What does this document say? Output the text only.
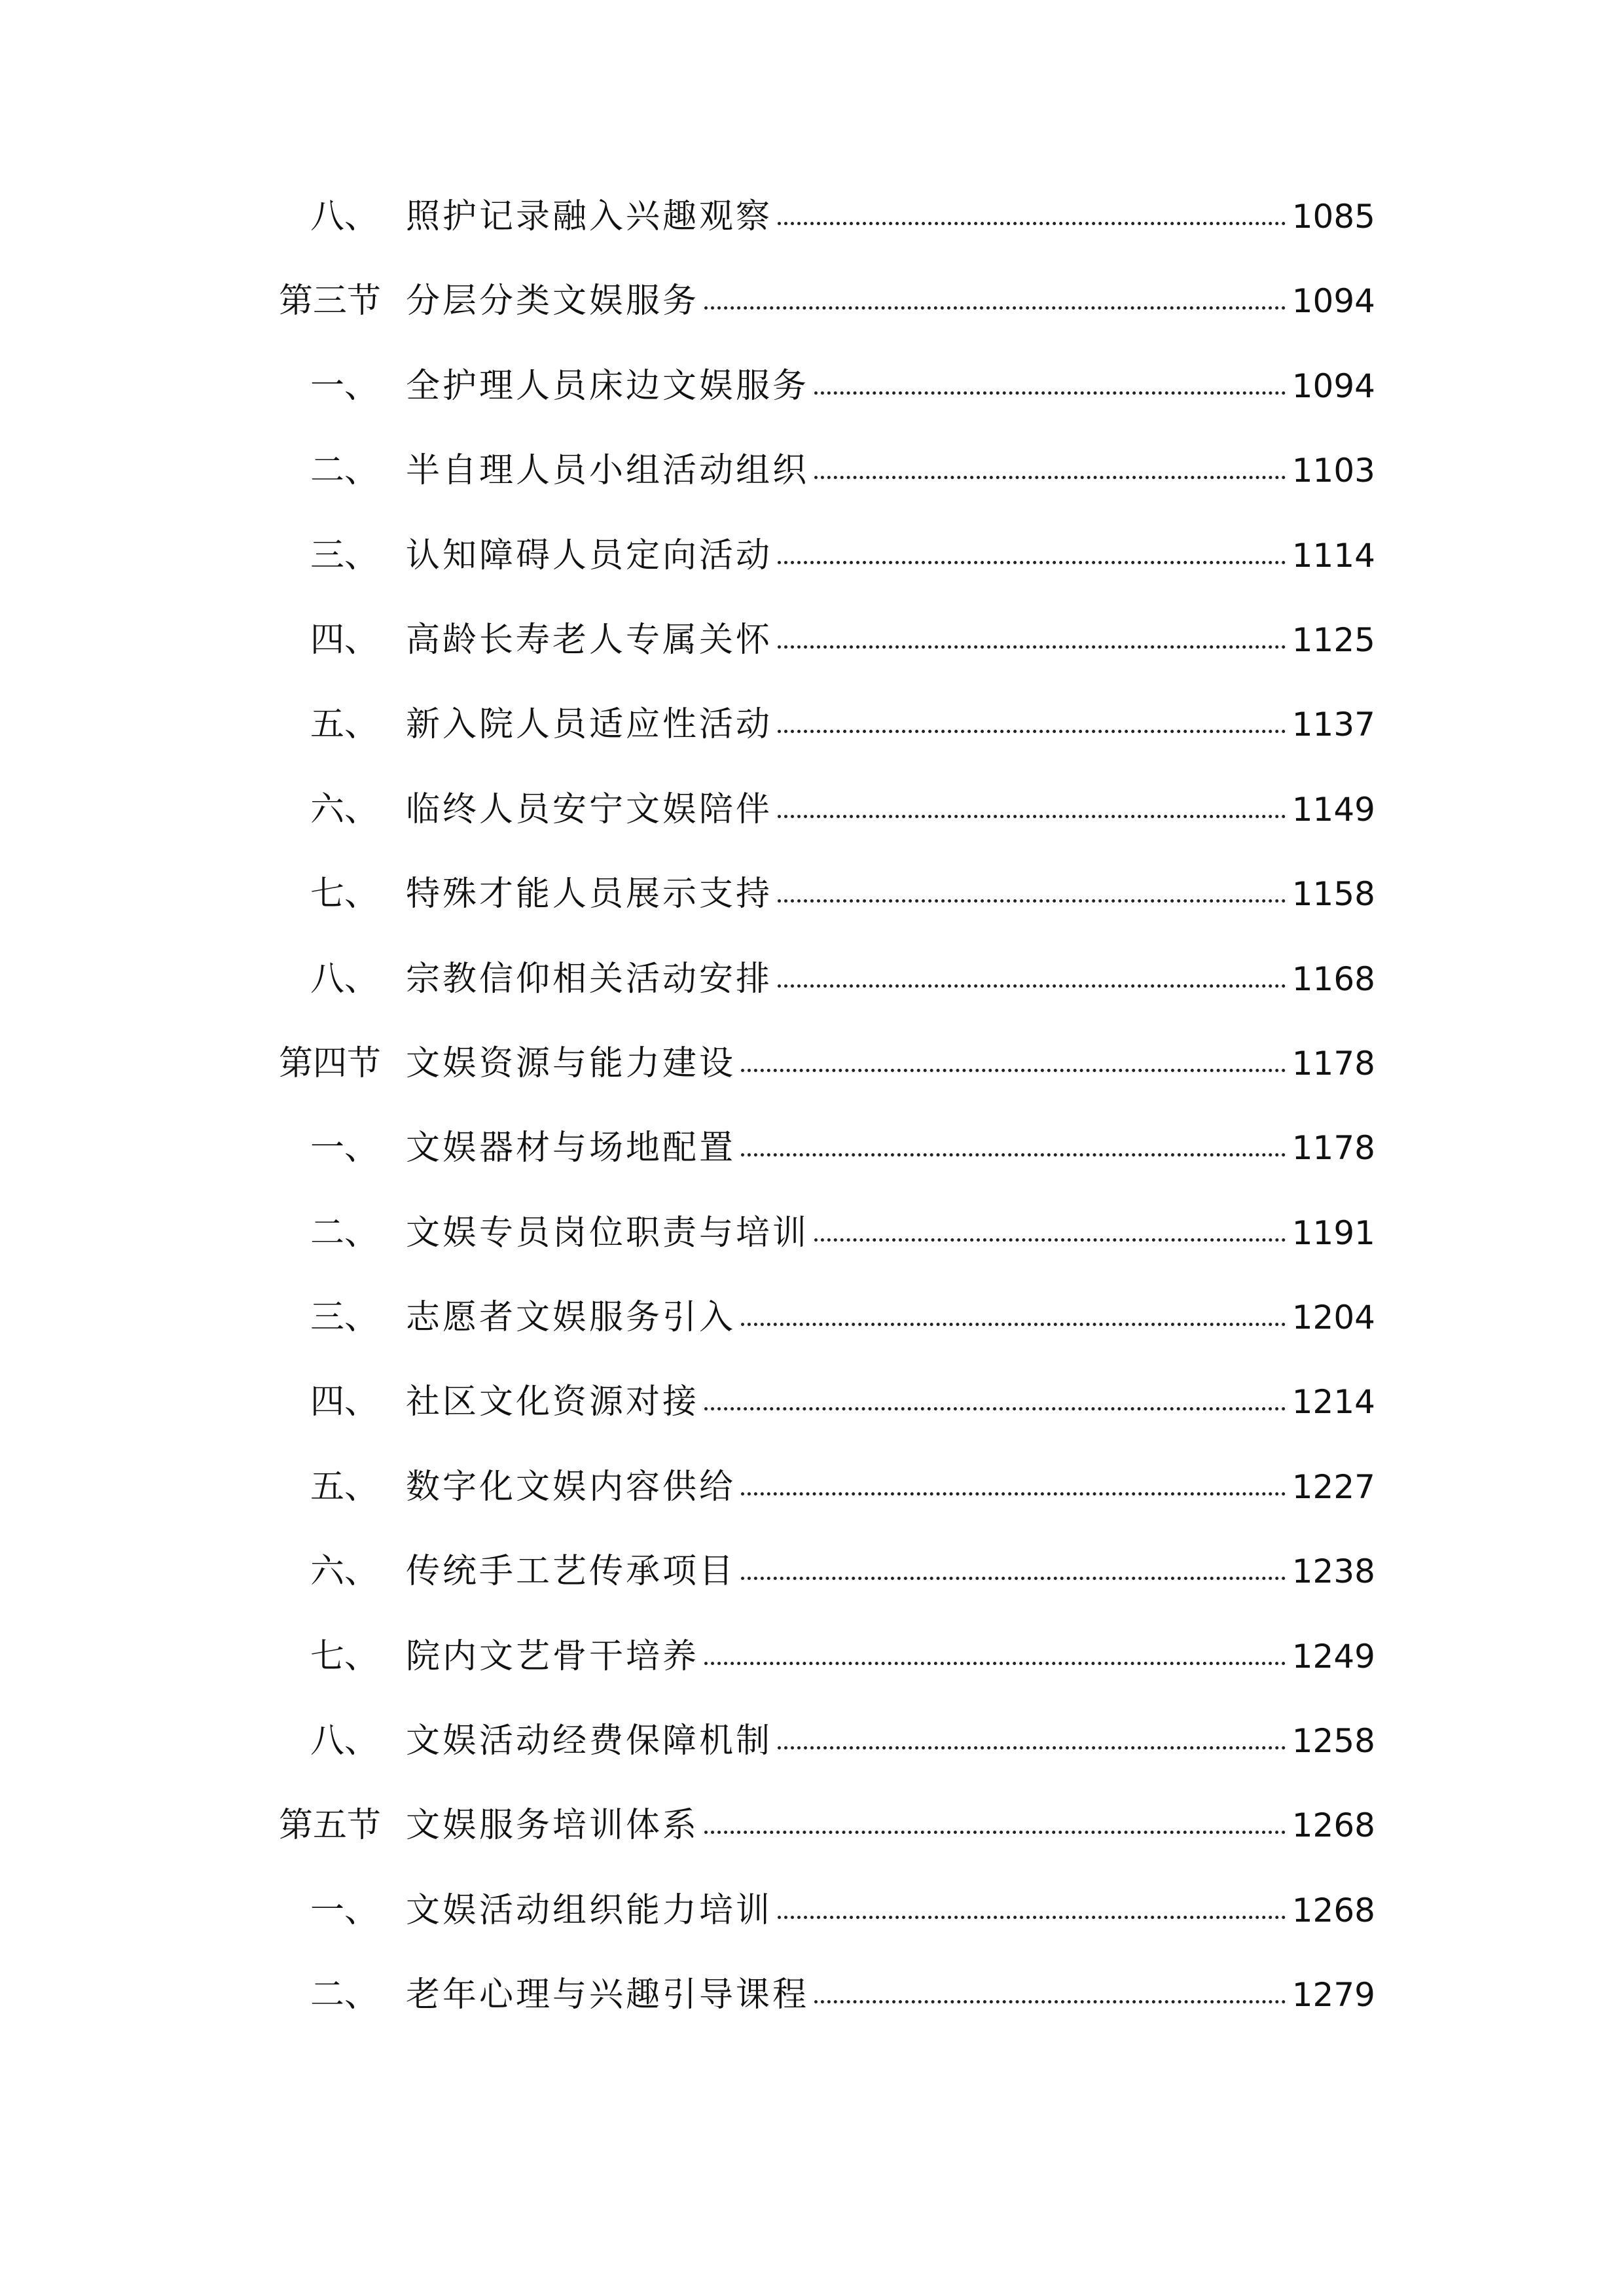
八、 照护记录融入兴趣观察	1085
第三节 分层分类文娱服务	1094
一、 全护理人员床边文娱服务	1094
二、 半自理人员小组活动组织	1103
三、 认知障碍人员定向活动	1114
四、 高龄长寿老人专属关怀	1125
五、 新入院人员适应性活动	1137
六、 临终人员安宁文娱陪伴	1149
七、 特殊才能人员展示支持	1158
八、 宗教信仰相关活动安排	1168
第四节 文娱资源与能力建设	1178
一、 文娱器材与场地配置	1178
二、 文娱专员岗位职责与培训	1191
三、 志愿者文娱服务引入	1204
四、 社区文化资源对接	1214
五、 数字化文娱内容供给	1227
六、 传统手工艺传承项目	1238
七、 院内文艺骨干培养	1249
八、 文娱活动经费保障机制	1258
第五节 文娱服务培训体系	1268
一、 文娱活动组织能力培训	1268
二、 老年心理与兴趣引导课程	1279
